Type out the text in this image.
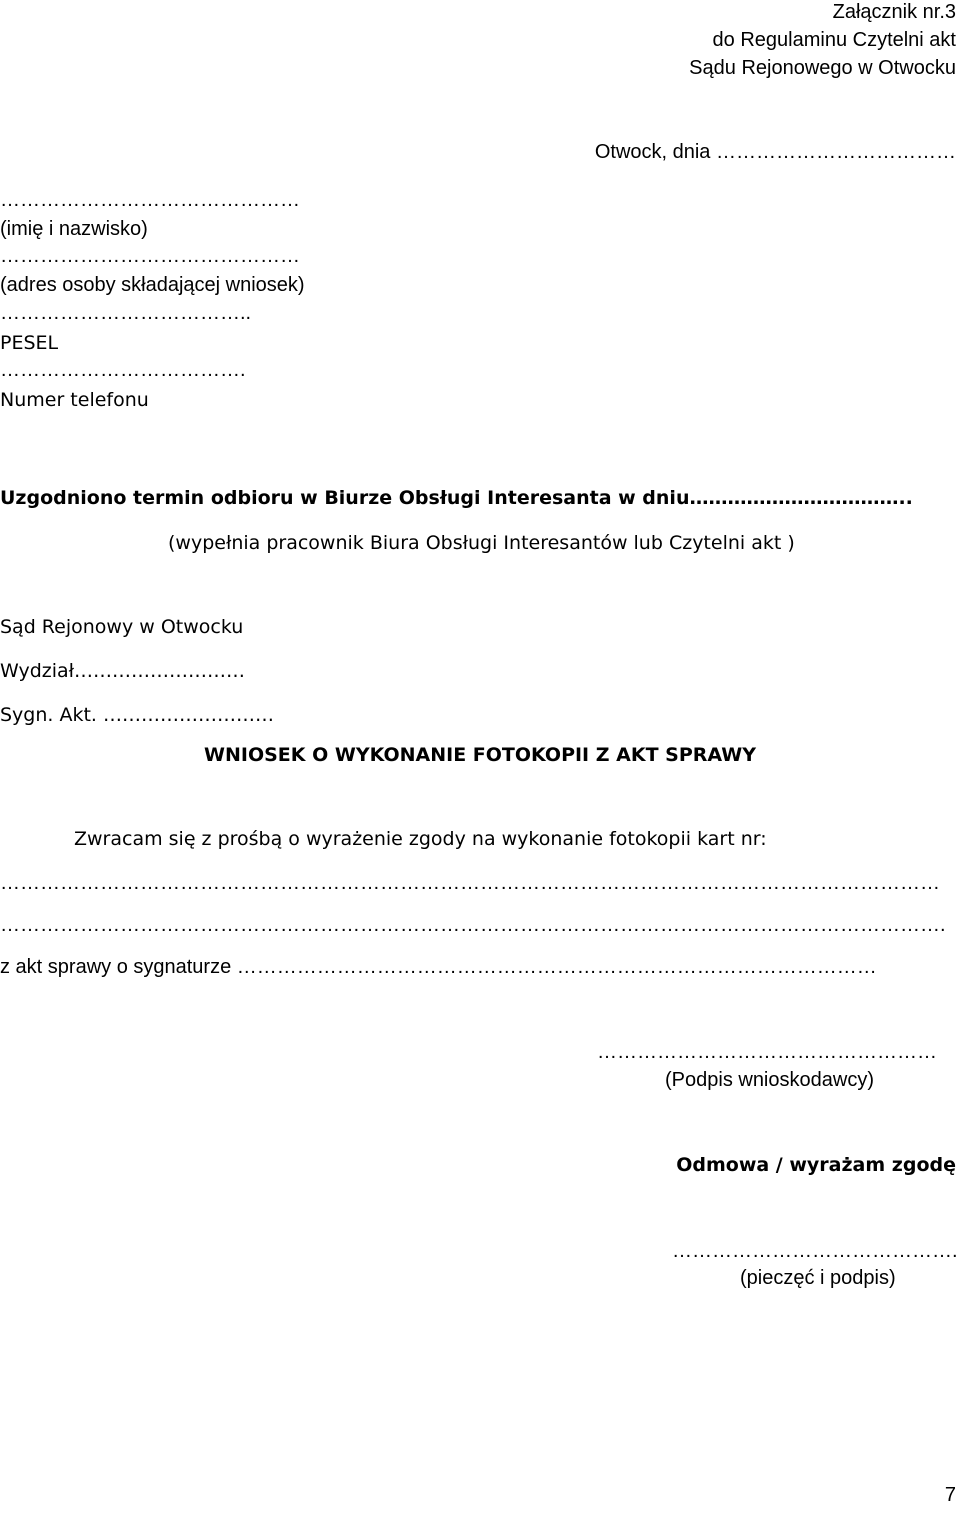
Załącznik nr.3
do Regulaminu Czytelni akt
Sądu Rejonowego w Otwocku
Otwock, dnia ………………………………
………………………………………
(imię i nazwisko)
………………………………………
(adres osoby składającej wniosek)
………………………………..
PESEL
……………………………….
Numer telefonu
Uzgodniono termin odbioru w Biurze Obsługi Interesanta w dniu……………………………..
(wypełnia pracownik Biura Obsługi Interesantów lub Czytelni akt )
Sąd Rejonowy w Otwocku
Wydział………………………
Sygn. Akt. ………………………
WNIOSEK O WYKONANIE FOTOKOPII Z AKT SPRAWY
Zwracam się z prośbą o wyrażenie zgody na wykonanie fotokopii kart nr:
……………………………………………………………………………………………………………………………
…………………………………………………………………………………………………………………………….
z akt sprawy o sygnaturze ……………………………………………………………………………………
……………………………………………
(Podpis wnioskodawcy)
Odmowa / wyrażam zgodę
…………………………………….
(pieczęć i podpis)
7
